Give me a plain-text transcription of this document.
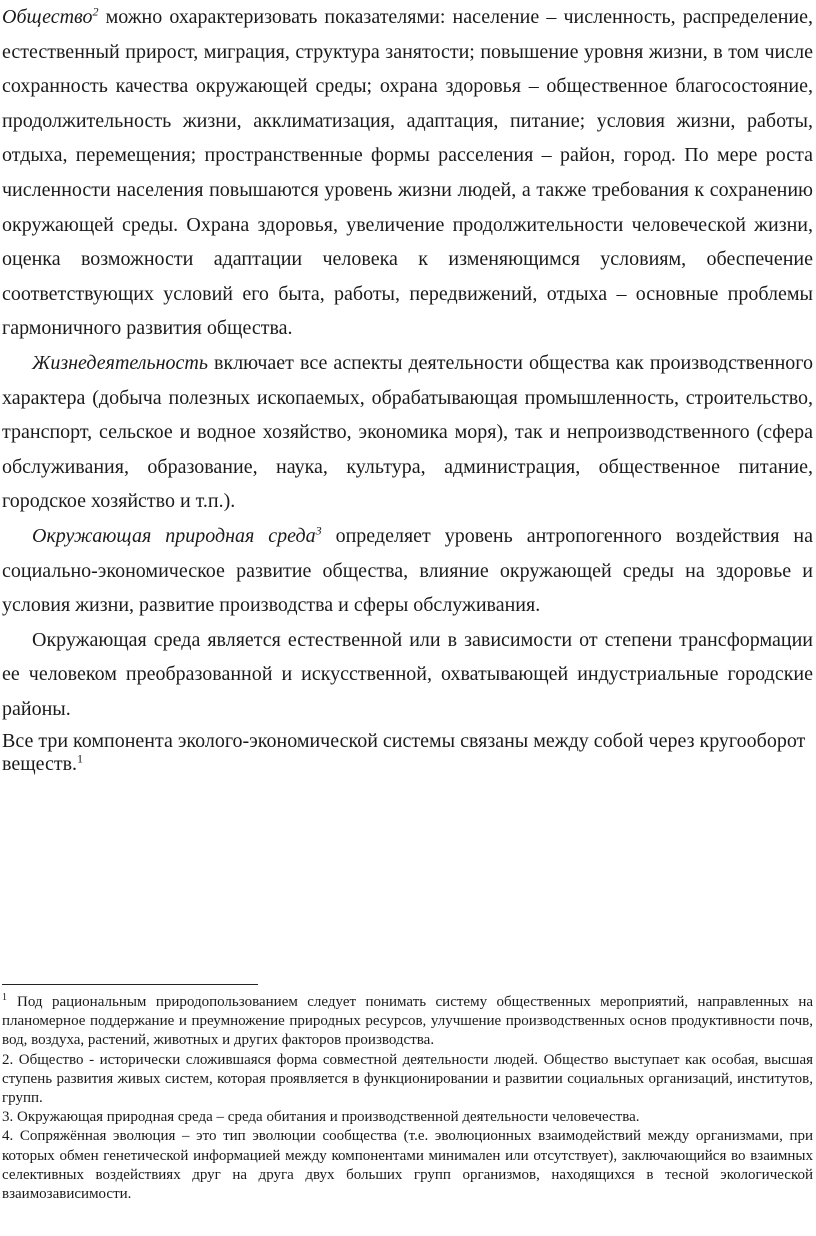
Общество$^2$ можно охарактеризовать показателями: население – численность, распределение, естественный прирост, миграция, структура занятости; повышение уровня жизни, в том числе сохранность качества окружающей среды; охрана здоровья – общественное благосостояние, продолжительность жизни, акклиматизация, адаптация, питание; условия жизни, работы, отдыха, перемещения; пространственные формы расселения – район, город. По мере роста численности населения повышаются уровень жизни людей, а также требования к сохранению окружающей среды. Охрана здоровья, увеличение продолжительности человеческой жизни, оценка возможности адаптации человека к изменяющимся условиям, обеспечение соответствующих условий его быта, работы, передвижений, отдыха – основные проблемы гармоничного развития общества.

Жизнедеятельность включает все аспекты деятельности общества как производственного характера (добыча полезных ископаемых, обрабатывающая промышленность, строительство, транспорт, сельское и водное хозяйство, экономика моря), так и непроизводственного (сфера обслуживания, образование, наука, культура, администрация, общественное питание, городское хозяйство и т.п.).

Окружающая природная среда$^3$ определяет уровень антропогенного воздействия на социально-экономическое развитие общества, влияние окружающей среды на здоровье и условия жизни, развитие производства и сферы обслуживания.

Окружающая среда является естественной или в зависимости от степени трансформации ее человеком преобразованной и искусственной, охватывающей индустриальные городские районы.

Все три компонента эколого-экономической системы связаны между собой через кругооборот веществ.$^1$

$^1$ Под рациональным природопользованием следует понимать систему общественных мероприятий, направленных на планомерное поддержание и преумножение природных ресурсов, улучшение производственных основ продуктивности почв, вод, воздуха, растений, животных и других факторов производства.

2. Общество - исторически сложившаяся форма совместной деятельности людей. Общество выступает как особая, высшая ступень развития живых систем, которая проявляется в функционировании и развитии социальных организаций, институтов, групп.

3. Окружающая природная среда – среда обитания и производственной деятельности человечества.

4. Сопряжённая эволюция – это тип эволюции сообщества (т.е. эволюционных взаимодействий между организмами, при которых обмен генетической информацией между компонентами минимален или отсутствует), заключающийся во взаимных селективных воздействиях друг на друга двух больших групп организмов, находящихся в тесной экологической взаимозависимости.
